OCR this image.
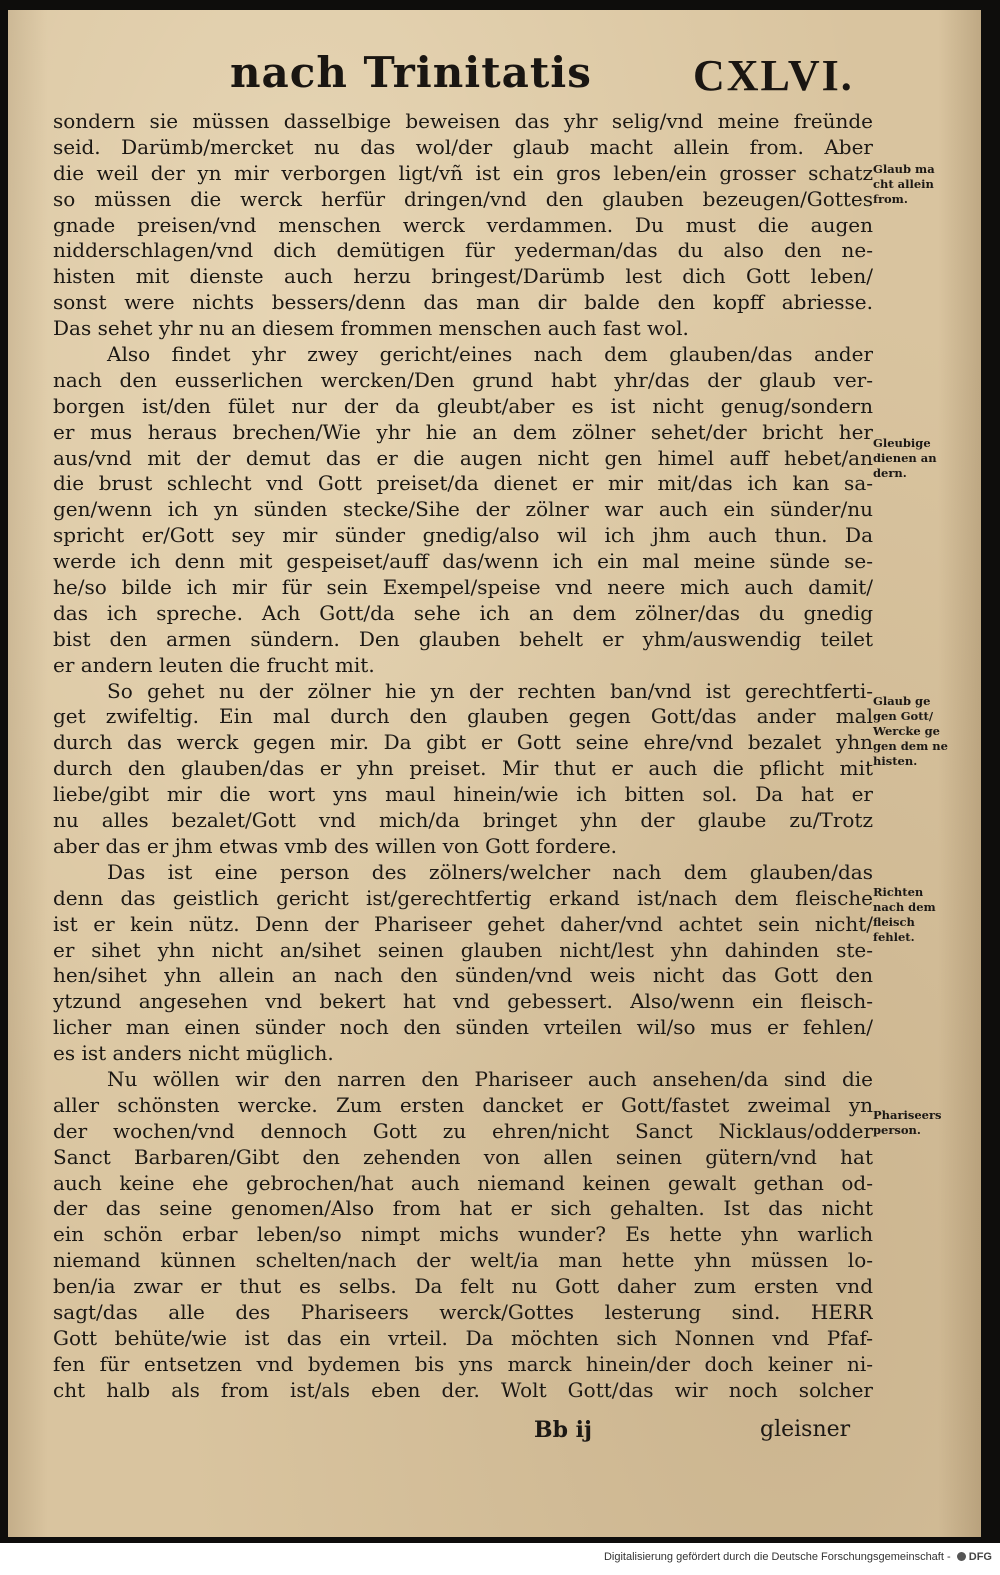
nach Trinitatis CXLVI.
sondern sie müssen dasselbige beweisen das yhr selig/vnd meine freünde
seid. Darümb/mercket nu das wol/der glaub macht allein from. Aber
die weil der yn mir verborgen ligt/vñ ist ein gros leben/ein grosser schatz
so müssen die werck herfür dringen/vnd den glauben bezeugen/Gottes
gnade preisen/vnd menschen werck verdammen. Du must die augen
nidderschlagen/vnd dich demütigen für yederman/das du also den ne-
histen mit dienste auch herzu bringest/Darümb lest dich Gott leben/
sonst were nichts bessers/denn das man dir balde den kopff abriesse.
Das sehet yhr nu an diesem frommen menschen auch fast wol.
Also findet yhr zwey gericht/eines nach dem glauben/das ander
nach den eusserlichen wercken/Den grund habt yhr/das der glaub ver-
borgen ist/den fület nur der da gleubt/aber es ist nicht genug/sondern
er mus heraus brechen/Wie yhr hie an dem zölner sehet/der bricht her
aus/vnd mit der demut das er die augen nicht gen himel auff hebet/an
die brust schlecht vnd Gott preiset/da dienet er mir mit/das ich kan sa-
gen/wenn ich yn sünden stecke/Sihe der zölner war auch ein sünder/nu
spricht er/Gott sey mir sünder gnedig/also wil ich jhm auch thun. Da
werde ich denn mit gespeiset/auff das/wenn ich ein mal meine sünde se-
he/so bilde ich mir für sein Exempel/speise vnd neere mich auch damit/
das ich spreche. Ach Gott/da sehe ich an dem zölner/das du gnedig
bist den armen sündern. Den glauben behelt er yhm/auswendig teilet
er andern leuten die frucht mit.
So gehet nu der zölner hie yn der rechten ban/vnd ist gerechtferti-
get zwifeltig. Ein mal durch den glauben gegen Gott/das ander mal
durch das werck gegen mir. Da gibt er Gott seine ehre/vnd bezalet yhn
durch den glauben/das er yhn preiset. Mir thut er auch die pflicht mit
liebe/gibt mir die wort yns maul hinein/wie ich bitten sol. Da hat er
nu alles bezalet/Gott vnd mich/da bringet yhn der glaube zu/Trotz
aber das er jhm etwas vmb des willen von Gott fordere.
Das ist eine person des zölners/welcher nach dem glauben/das
denn das geistlich gericht ist/gerechtfertig erkand ist/nach dem fleische
ist er kein nütz. Denn der Phariseer gehet daher/vnd achtet sein nicht/
er sihet yhn nicht an/sihet seinen glauben nicht/lest yhn dahinden ste-
hen/sihet yhn allein an nach den sünden/vnd weis nicht das Gott den
ytzund angesehen vnd bekert hat vnd gebessert. Also/wenn ein fleisch-
licher man einen sünder noch den sünden vrteilen wil/so mus er fehlen/
es ist anders nicht müglich.
Nu wöllen wir den narren den Phariseer auch ansehen/da sind die
aller schönsten wercke. Zum ersten dancket er Gott/fastet zweimal yn
der wochen/vnd dennoch Gott zu ehren/nicht Sanct Nicklaus/odder
Sanct Barbaren/Gibt den zehenden von allen seinen gütern/vnd hat
auch keine ehe gebrochen/hat auch niemand keinen gewalt gethan od-
der das seine genomen/Also from hat er sich gehalten. Ist das nicht
ein schön erbar leben/so nimpt michs wunder? Es hette yhn warlich
niemand künnen schelten/nach der welt/ia man hette yhn müssen lo-
ben/ia zwar er thut es selbs. Da felt nu Gott daher zum ersten vnd
sagt/das alle des Phariseers werck/Gottes lesterung sind. HERR
Gott behüte/wie ist das ein vrteil. Da möchten sich Nonnen vnd Pfaf-
fen für entsetzen vnd bydemen bis yns marck hinein/der doch keiner ni-
cht halb als from ist/als eben der. Wolt Gott/das wir noch solcher
Glaub ma
cht allein
from.
Gleubige
dienen an
dern.
Glaub ge
gen Gott/
Wercke ge
gen dem ne
histen.
Richten
nach dem
fleisch
fehlet.
Phariseers
person.
Bb ij	gleisner
Digitalisierung gefördert durch die Deutsche Forschungsgemeinschaft - DFG
